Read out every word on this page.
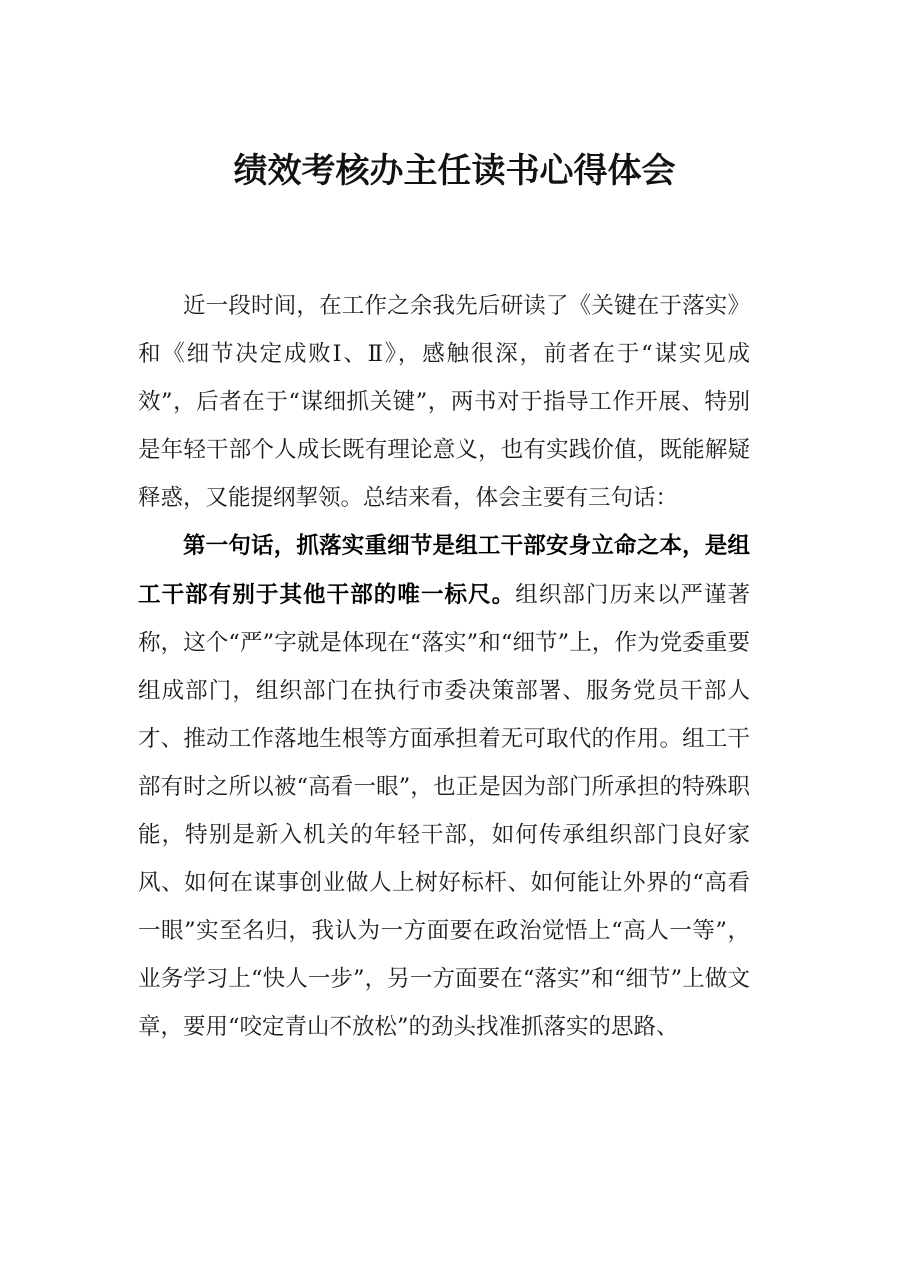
绩效考核办主任读书心得体会

近一段时间，在工作之余我先后研读了《关键在于落实》和《细节决定成败Ⅰ、Ⅱ》，感触很深，前者在于“谋实见成效”，后者在于“谋细抓关键”，两书对于指导工作开展、特别是年轻干部个人成长既有理论意义，也有实践价值，既能解疑释惑，又能提纲挈领。总结来看，体会主要有三句话：

第一句话，抓落实重细节是组工干部安身立命之本，是组工干部有别于其他干部的唯一标尺。组织部门历来以严谨著称，这个“严”字就是体现在“落实”和“细节”上，作为党委重要组成部门，组织部门在执行市委决策部署、服务党员干部人才、推动工作落地生根等方面承担着无可取代的作用。组工干部有时之所以被“高看一眼”，也正是因为部门所承担的特殊职能，特别是新入机关的年轻干部，如何传承组织部门良好家风、如何在谋事创业做人上树好标杆、如何能让外界的“高看一眼”实至名归，我认为一方面要在政治觉悟上“高人一等”，业务学习上“快人一步”，另一方面要在“落实”和“细节”上做文章，要用“咬定青山不放松”的劲头找准抓落实的思路、
